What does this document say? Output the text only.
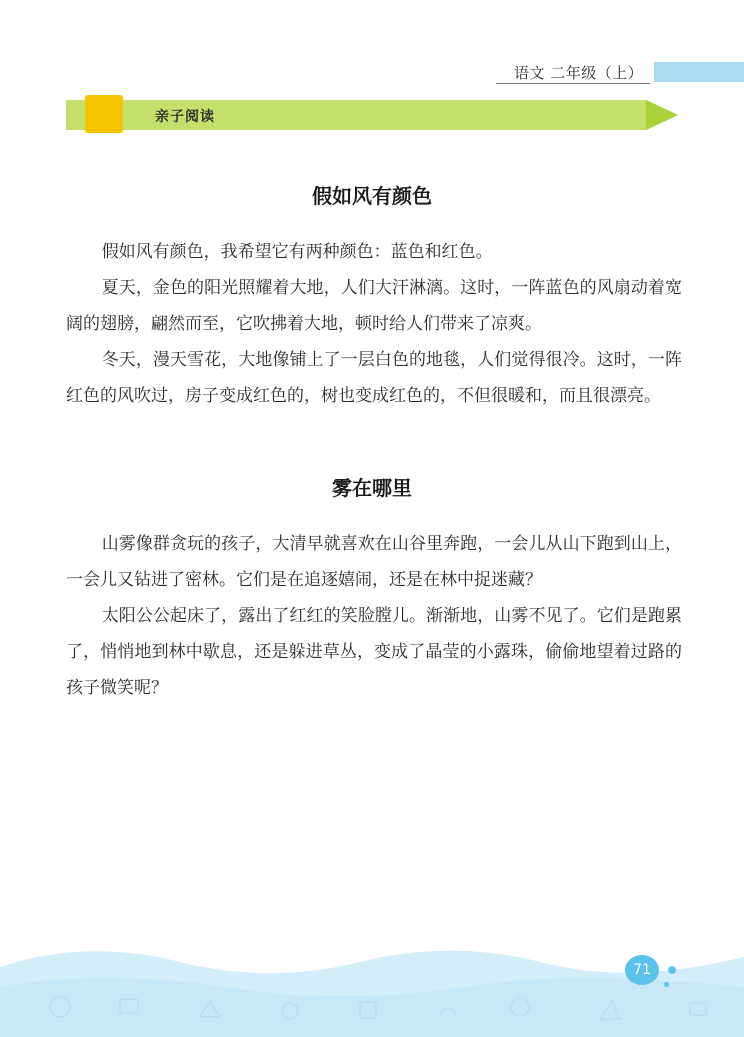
语文 二年级（上）
亲子阅读
假如风有颜色

假如风有颜色，我希望它有两种颜色：蓝色和红色。

夏天，金色的阳光照耀着大地，人们大汗淋漓。这时，一阵蓝色的风扇动着宽阔的翅膀，翩然而至，它吹拂着大地，顿时给人们带来了凉爽。

冬天，漫天雪花，大地像铺上了一层白色的地毯，人们觉得很冷。这时，一阵红色的风吹过，房子变成红色的，树也变成红色的，不但很暖和，而且很漂亮。

雾在哪里

山雾像群贪玩的孩子，大清早就喜欢在山谷里奔跑，一会儿从山下跑到山上，一会儿又钻进了密林。它们是在追逐嬉闹，还是在林中捉迷藏？

太阳公公起床了，露出了红红的笑脸膛儿。渐渐地，山雾不见了。它们是跑累了，悄悄地到林中歇息，还是躲进草丛，变成了晶莹的小露珠，偷偷地望着过路的孩子微笑呢？

71
